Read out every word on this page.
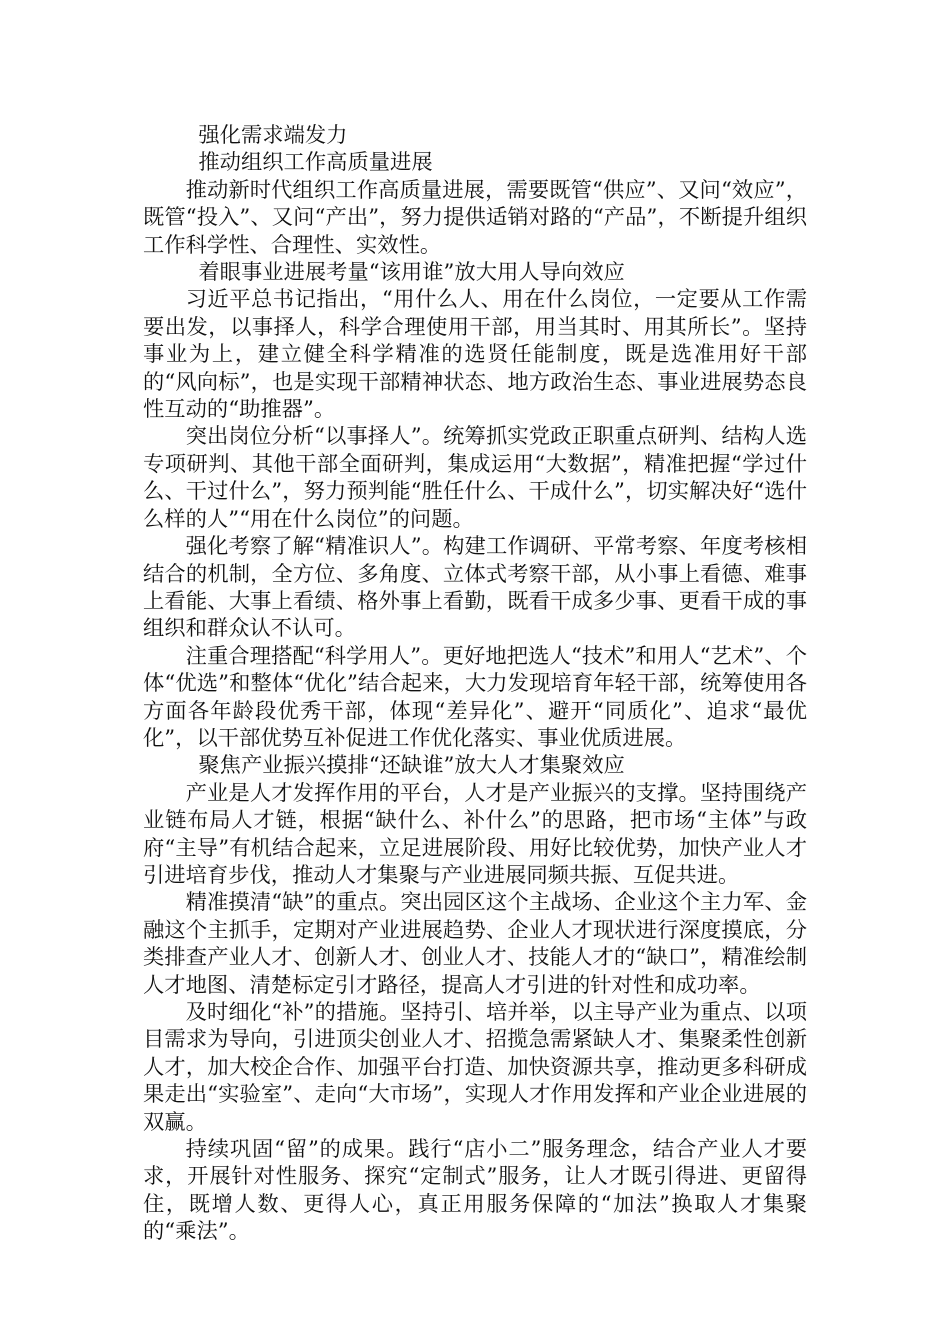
强化需求端发力

推动组织工作高质量进展

推动新时代组织工作高质量进展，需要既管“供应”、又问“效应”，既管“投入”、又问“产出”，努力提供适销对路的“产品”，不断提升组织工作科学性、合理性、实效性。

着眼事业进展考量“该用谁”放大用人导向效应

习近平总书记指出，“用什么人、用在什么岗位，一定要从工作需要出发，以事择人，科学合理使用干部，用当其时、用其所长”。坚持事业为上，建立健全科学精准的选贤任能制度，既是选准用好干部的“风向标”，也是实现干部精神状态、地方政治生态、事业进展势态良性互动的“助推器”。

突出岗位分析“以事择人”。统筹抓实党政正职重点研判、结构人选专项研判、其他干部全面研判，集成运用“大数据”，精准把握“学过什么、干过什么”，努力预判能“胜任什么、干成什么”，切实解决好“选什么样的人”“用在什么岗位”的问题。

强化考察了解“精准识人”。构建工作调研、平常考察、年度考核相结合的机制，全方位、多角度、立体式考察干部，从小事上看德、难事上看能、大事上看绩、格外事上看勤，既看干成多少事、更看干成的事组织和群众认不认可。

注重合理搭配“科学用人”。更好地把选人“技术”和用人“艺术”、个体“优选”和整体“优化”结合起来，大力发现培育年轻干部，统筹使用各方面各年龄段优秀干部，体现“差异化”、避开“同质化”、追求“最优化”，以干部优势互补促进工作优化落实、事业优质进展。

聚焦产业振兴摸排“还缺谁”放大人才集聚效应

产业是人才发挥作用的平台，人才是产业振兴的支撑。坚持围绕产业链布局人才链，根据“缺什么、补什么”的思路，把市场“主体”与政府“主导”有机结合起来，立足进展阶段、用好比较优势，加快产业人才引进培育步伐，推动人才集聚与产业进展同频共振、互促共进。

精准摸清“缺”的重点。突出园区这个主战场、企业这个主力军、金融这个主抓手，定期对产业进展趋势、企业人才现状进行深度摸底，分类排查产业人才、创新人才、创业人才、技能人才的“缺口”，精准绘制人才地图、清楚标定引才路径，提高人才引进的针对性和成功率。

及时细化“补”的措施。坚持引、培并举，以主导产业为重点、以项目需求为导向，引进顶尖创业人才、招揽急需紧缺人才、集聚柔性创新人才，加大校企合作、加强平台打造、加快资源共享，推动更多科研成果走出“实验室”、走向“大市场”，实现人才作用发挥和产业企业进展的双赢。

持续巩固“留”的成果。践行“店小二”服务理念，结合产业人才要求，开展针对性服务、探究“定制式”服务，让人才既引得进、更留得住，既增人数、更得人心，真正用服务保障的“加法”换取人才集聚的“乘法”。
